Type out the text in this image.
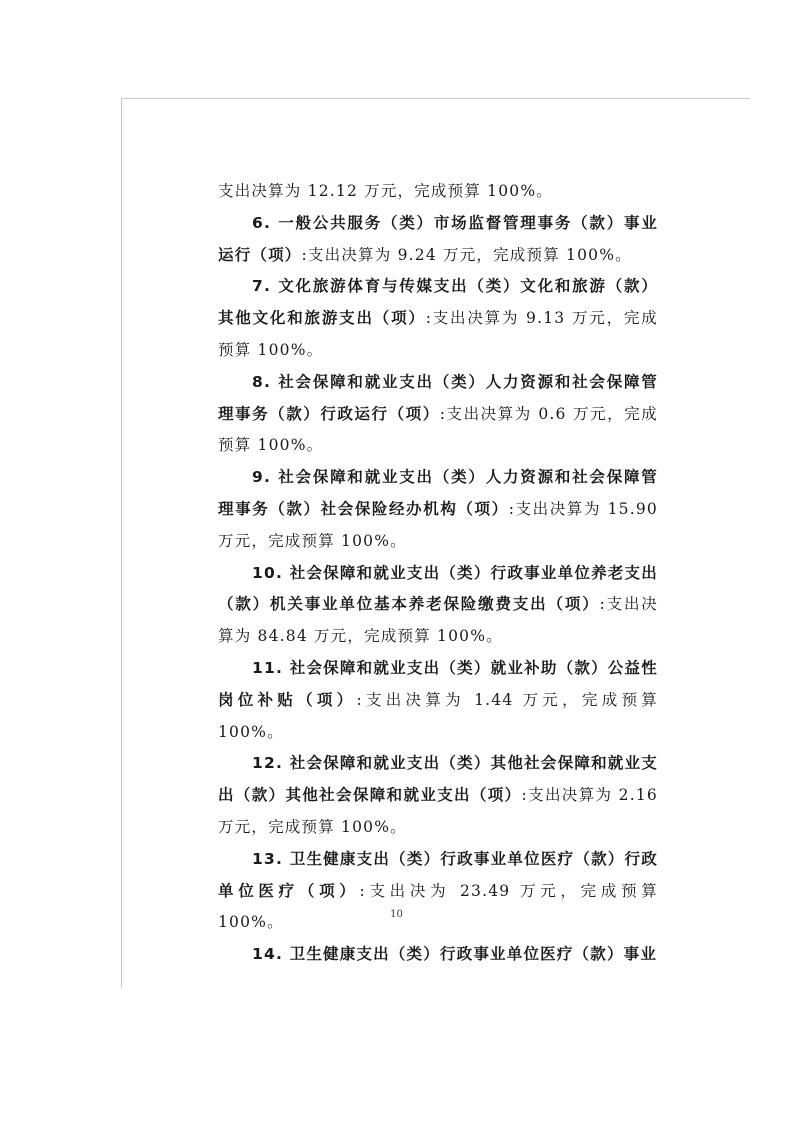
支出决算为 12.12 万元，完成预算 100%。

6. 一般公共服务（类）市场监督管理事务（款）事业运行（项）:支出决算为 9.24 万元，完成预算 100%。

7. 文化旅游体育与传媒支出（类）文化和旅游（款）其他文化和旅游支出（项）:支出决算为 9.13 万元，完成预算 100%。

8. 社会保障和就业支出（类）人力资源和社会保障管理事务（款）行政运行（项）:支出决算为 0.6 万元，完成预算 100%。

9. 社会保障和就业支出（类）人力资源和社会保障管理事务（款）社会保险经办机构（项）:支出决算为 15.90 万元，完成预算 100%。

10. 社会保障和就业支出（类）行政事业单位养老支出（款）机关事业单位基本养老保险缴费支出（项）:支出决算为 84.84 万元，完成预算 100%。

11. 社会保障和就业支出（类）就业补助（款）公益性岗位补贴（项）:支出决算为 1.44 万元，完成预算 100%。

12. 社会保障和就业支出（类）其他社会保障和就业支出（款）其他社会保障和就业支出（项）:支出决算为 2.16 万元，完成预算 100%。

13. 卫生健康支出（类）行政事业单位医疗（款）行政单位医疗（项）:支出决为 23.49 万元，完成预算 100%。

14. 卫生健康支出（类）行政事业单位医疗（款）事业

10
